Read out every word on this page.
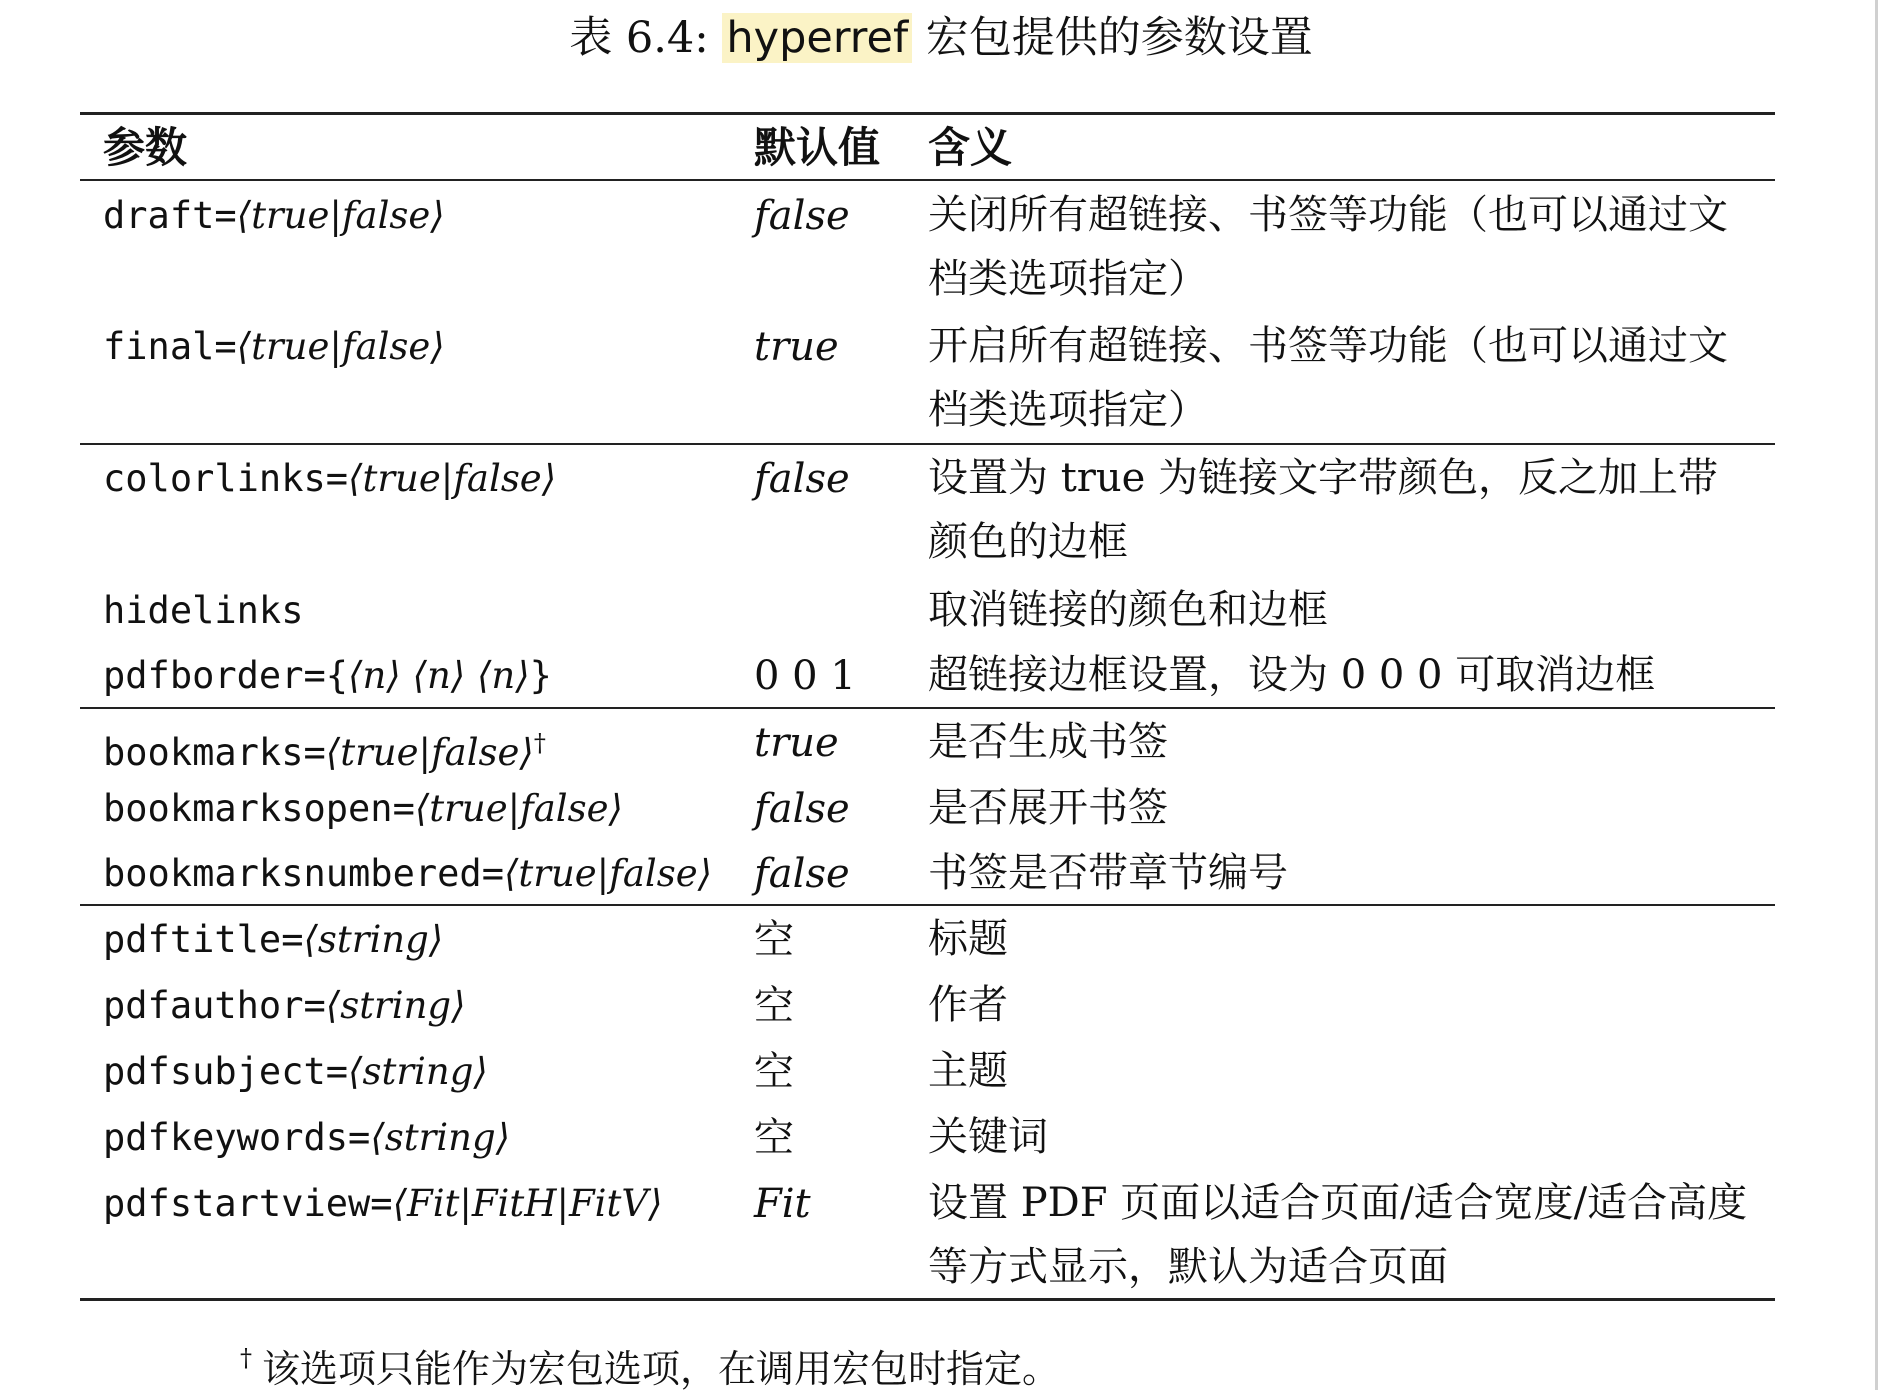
表 6.4: hyperref 宏包提供的参数设置
参数	默认值 含义
draft=⟨true|false⟩	false 关闭所有超链接、书签等功能（也可以通过文档类选项指定）
final=⟨true|false⟩	true 开启所有超链接、书签等功能（也可以通过文档类选项指定）
colorlinks=⟨true|false⟩	false 设置为 true 为链接文字带颜色，反之加上带颜色的边框
hidelinks	取消链接的颜色和边框
pdfborder={⟨n⟩ ⟨n⟩ ⟨n⟩}	0 0 1 超链接边框设置，设为 0 0 0 可取消边框
bookmarks=⟨true|false⟩†	true 是否生成书签
bookmarksopen=⟨true|false⟩	false 是否展开书签
bookmarksnumbered=⟨true|false⟩ false 书签是否带章节编号
pdftitle=⟨string⟩	空	标题
pdfauthor=⟨string⟩	空	作者
pdfsubject=⟨string⟩	空	主题
pdfkeywords=⟨string⟩	空	关键词
pdfstartview=⟨Fit|FitH|FitV⟩ Fit	设置 PDF 页面以适合页面/适合宽度/适合高度等方式显示，默认为适合页面
† 该选项只能作为宏包选项，在调用宏包时指定。
